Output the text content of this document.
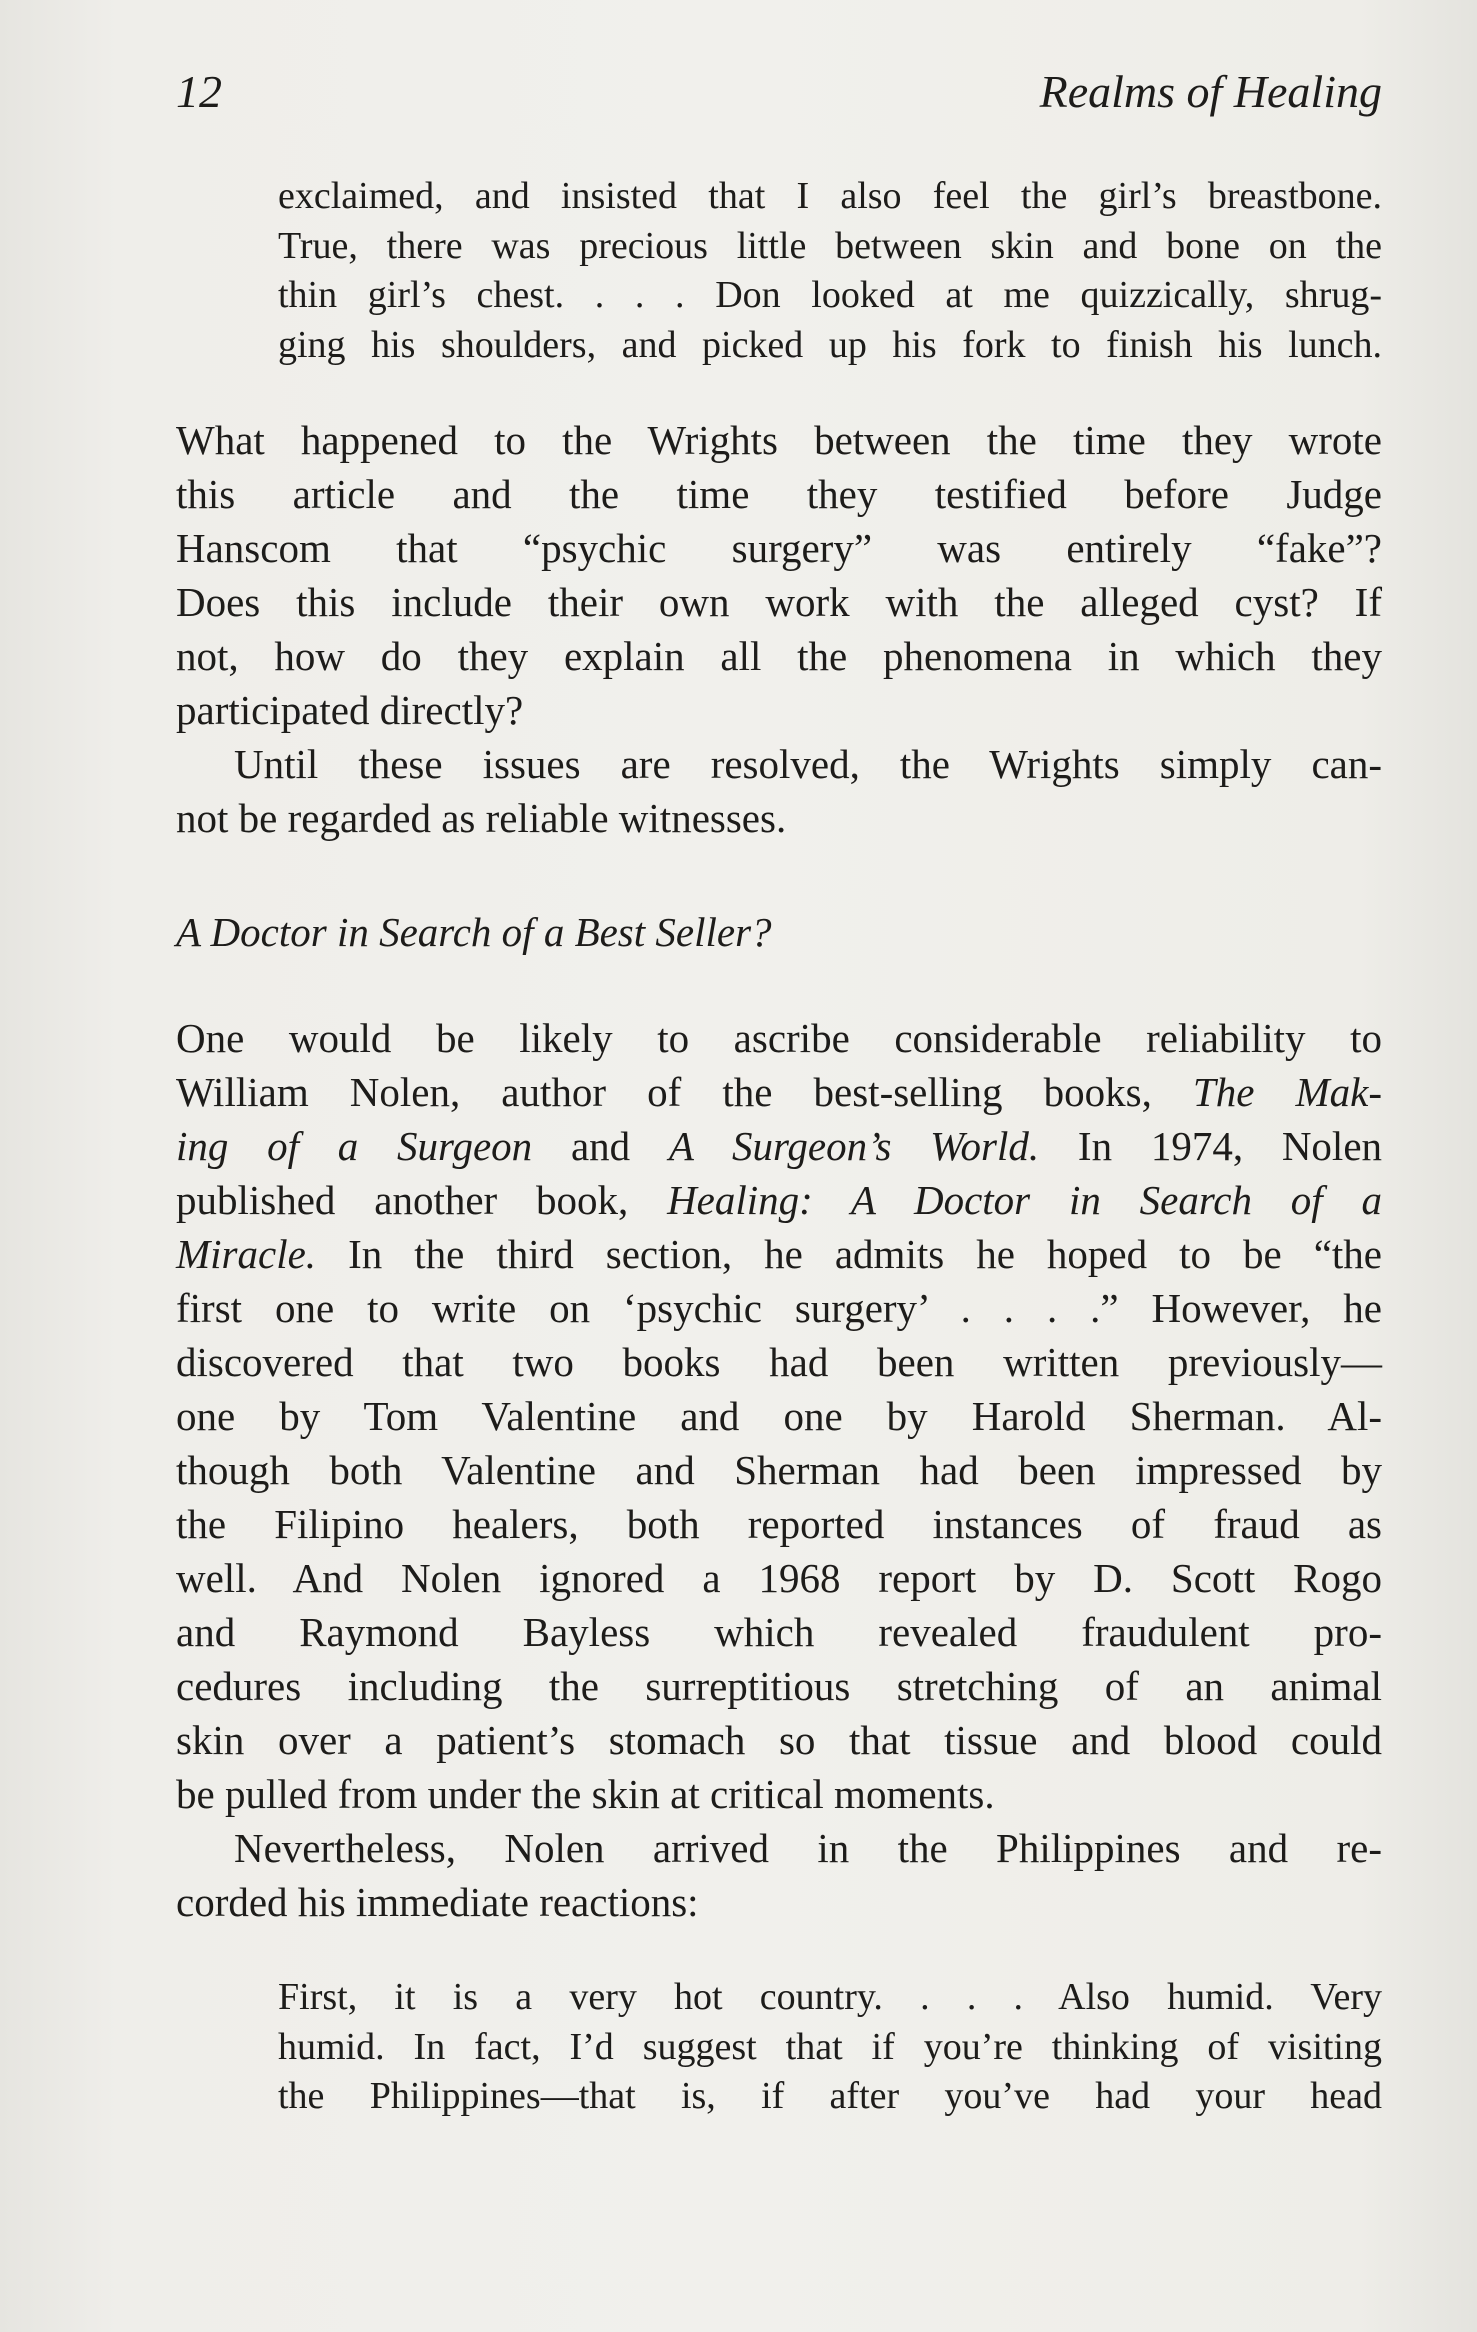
12	Realms of Healing
exclaimed, and insisted that I also feel the girl’s breastbone.
True, there was precious little between skin and bone on the
thin girl’s chest. . . . Don looked at me quizzically, shrug-
ging his shoulders, and picked up his fork to finish his lunch.
What happened to the Wrights between the time they wrote
this article and the time they testified before Judge
Hanscom that “psychic surgery” was entirely “fake”?
Does this include their own work with the alleged cyst? If
not, how do they explain all the phenomena in which they
participated directly?
Until these issues are resolved, the Wrights simply can-
not be regarded as reliable witnesses.

A Doctor in Search of a Best Seller?

One would be likely to ascribe considerable reliability to
William Nolen, author of the best-selling books, The Mak-
ing of a Surgeon and A Surgeon’s World. In 1974, Nolen
published another book, Healing: A Doctor in Search of a
Miracle. In the third section, he admits he hoped to be “the
first one to write on ‘psychic surgery’ . . . .” However, he
discovered that two books had been written previously—
one by Tom Valentine and one by Harold Sherman. Al-
though both Valentine and Sherman had been impressed by
the Filipino healers, both reported instances of fraud as
well. And Nolen ignored a 1968 report by D. Scott Rogo
and Raymond Bayless which revealed fraudulent pro-
cedures including the surreptitious stretching of an animal
skin over a patient’s stomach so that tissue and blood could
be pulled from under the skin at critical moments.
Nevertheless, Nolen arrived in the Philippines and re-
corded his immediate reactions:
First, it is a very hot country. . . . Also humid. Very
humid. In fact, I’d suggest that if you’re thinking of visiting
the Philippines—that is, if after you’ve had your head
